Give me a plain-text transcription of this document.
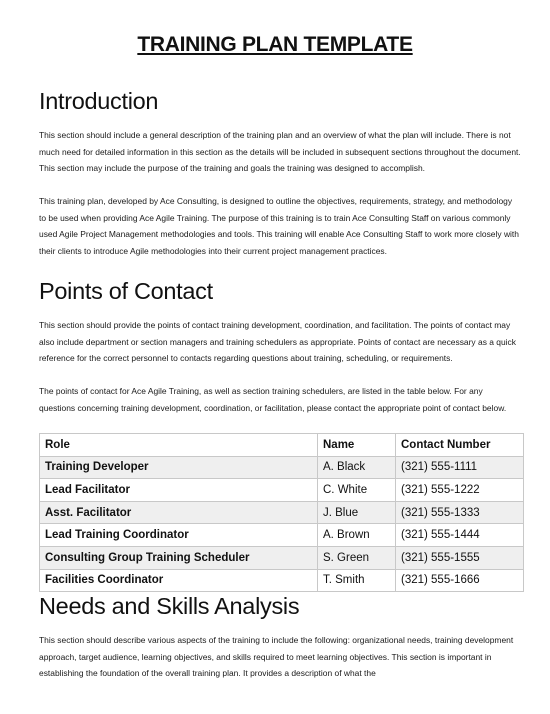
TRAINING PLAN TEMPLATE
Introduction

This section should include a general description of the training plan and an overview of what the plan will include. There is not much need for detailed information in this section as the details will be included in subsequent sections throughout the document. This section may include the purpose of the training and goals the training was designed to accomplish.

This training plan, developed by Ace Consulting, is designed to outline the objectives, requirements, strategy, and methodology to be used when providing Ace Agile Training. The purpose of this training is to train Ace Consulting Staff on various commonly used Agile Project Management methodologies and tools. This training will enable Ace Consulting Staff to work more closely with their clients to introduce Agile methodologies into their current project management practices.

Points of Contact

This section should provide the points of contact training development, coordination, and facilitation. The points of contact may also include department or section managers and training schedulers as appropriate. Points of contact are necessary as a quick reference for the correct personnel to contacts regarding questions about training, scheduling, or requirements.

The points of contact for Ace Agile Training, as well as section training schedulers, are listed in the table below. For any questions concerning training development, coordination, or facilitation, please contact the appropriate point of contact below.

Role	Name	Contact Number
Training Developer	A. Black	(321) 555-1111
Lead Facilitator	C. White	(321) 555-1222
Asst. Facilitator	J. Blue	(321) 555-1333
Lead Training Coordinator	A. Brown	(321) 555-1444
Consulting Group Training Scheduler	S. Green	(321) 555-1555
Facilities Coordinator	T. Smith	(321) 555-1666
Needs and Skills Analysis

This section should describe various aspects of the training to include the following: organizational needs, training development approach, target audience, learning objectives, and skills required to meet learning objectives. This section is important in establishing the foundation of the overall training plan. It provides a description of what the
